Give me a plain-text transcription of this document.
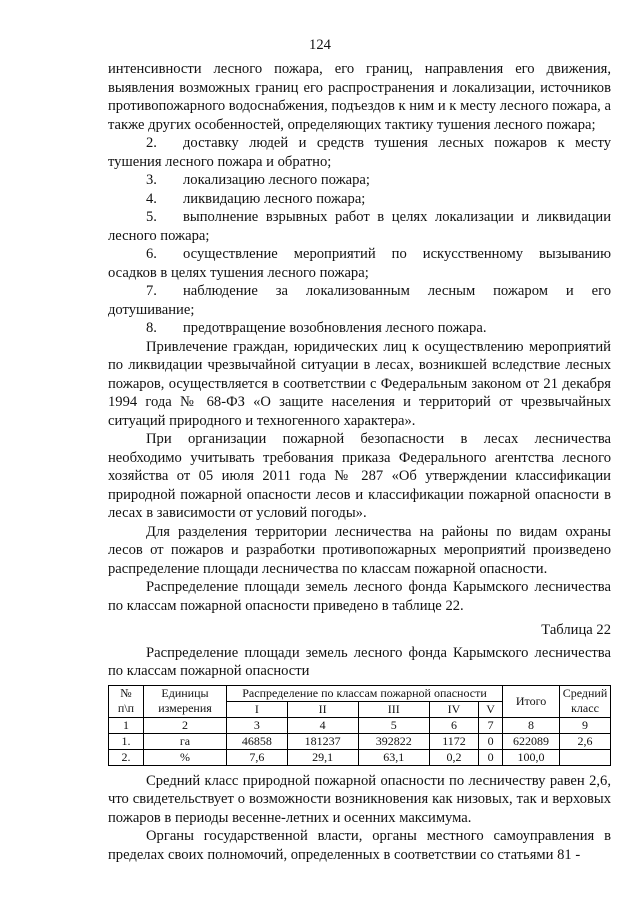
124

интенсивности лесного пожара, его границ, направления его движения, выявления возможных границ его распространения и локализации, источников противопожарного водоснабжения, подъездов к ним и к месту лесного пожара, а также других особенностей, определяющих тактику тушения лесного пожара;

2. доставку людей и средств тушения лесных пожаров к месту тушения лесного пожара и обратно;

3. локализацию лесного пожара;

4. ликвидацию лесного пожара;

5. выполнение взрывных работ в целях локализации и ликвидации лесного пожара;

6. осуществление мероприятий по искусственному вызыванию осадков в целях тушения лесного пожара;

7. наблюдение за локализованным лесным пожаром и его дотушивание;

8. предотвращение возобновления лесного пожара.

Привлечение граждан, юридических лиц к осуществлению мероприятий по ликвидации чрезвычайной ситуации в лесах, возникшей вследствие лесных пожаров, осуществляется в соответствии с Федеральным законом от 21 декабря 1994 года № 68-ФЗ «О защите населения и территорий от чрезвычайных ситуаций природного и техногенного характера».

При организации пожарной безопасности в лесах лесничества необходимо учитывать требования приказа Федерального агентства лесного хозяйства от 05 июля 2011 года № 287 «Об утверждении классификации природной пожарной опасности лесов и классификации пожарной опасности в лесах в зависимости от условий погоды».

Для разделения территории лесничества на районы по видам охраны лесов от пожаров и разработки противопожарных мероприятий произведено распределение площади лесничества по классам пожарной опасности.

Распределение площади земель лесного фонда Карымского лесничества по классам пожарной опасности приведено в таблице 22.

Таблица 22

Распределение площади земель лесного фонда Карымского лесничества по классам пожарной опасности

№ п\п	Единицы измерения	Распределение по классам пожарной опасности					Итого	Средний класс
		I	II	III	IV	V		
1	2	3	4	5	6	7	8	9
1.	га	46858	181237	392822	1172	0	622089	2,6
2.	%	7,6	29,1	63,1	0,2	0	100,0	

Средний класс природной пожарной опасности по лесничеству равен 2,6, что свидетельствует о возможности возникновения как низовых, так и верховых пожаров в периоды весенне-летних и осенних максимума.

Органы государственной власти, органы местного самоуправления в пределах своих полномочий, определенных в соответствии со статьями 81 -
